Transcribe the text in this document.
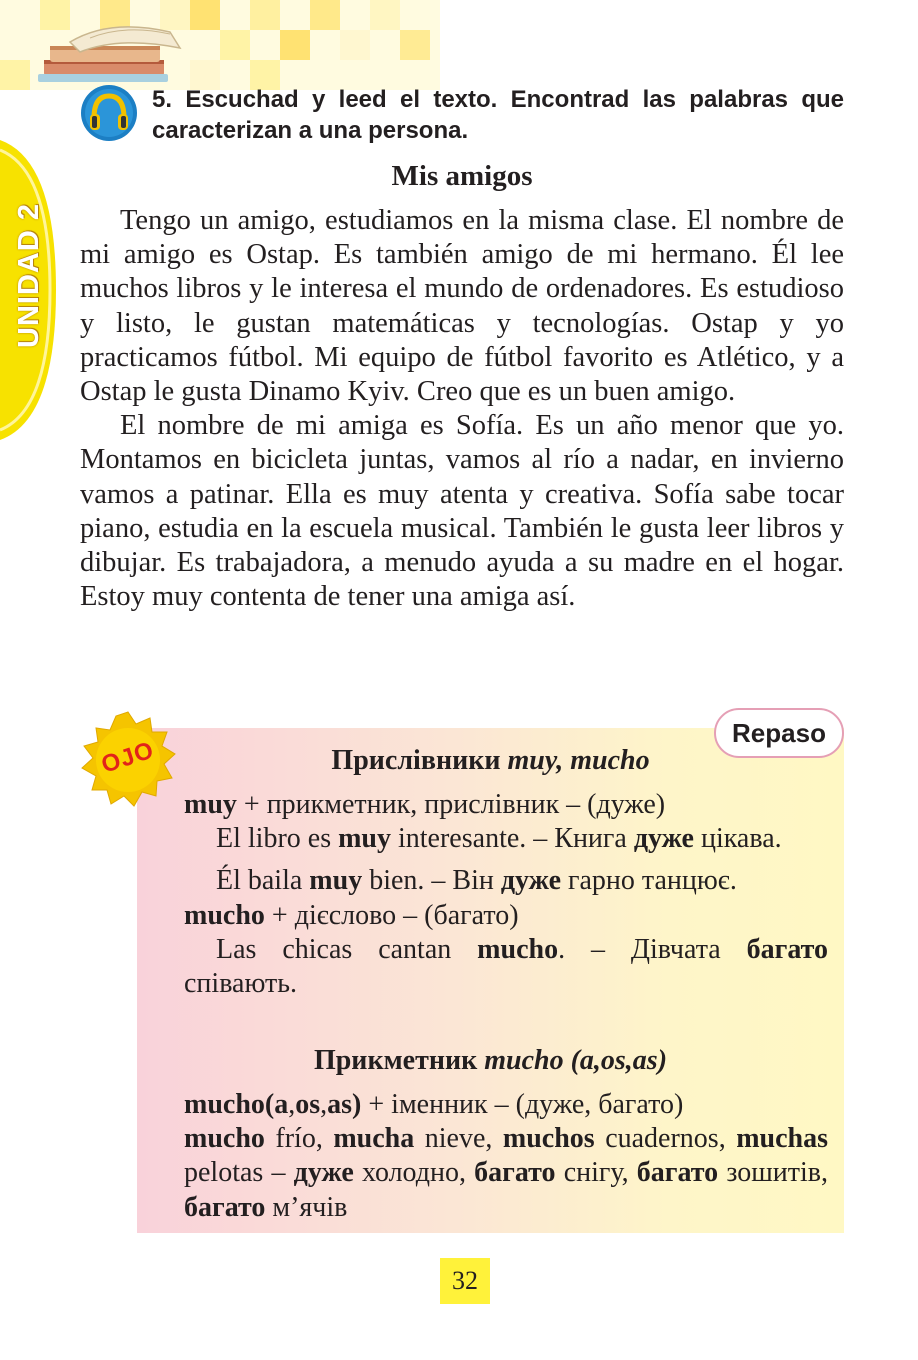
UNIDAD 2
5. Escuchad y leed el texto. Encontrad las palabras que caracterizan a una persona.
Mis amigos

Tengo un amigo, estudiamos en la misma clase. El nombre de mi amigo es Ostap. Es también amigo de mi hermano. Él lee muchos libros y le interesa el mundo de ordenadores. Es estudioso y listo, le gustan matemáticas y tecnologías. Ostap y yo practicamos fútbol. Mi equipo de fútbol favorito es Atlético, y a Ostap le gusta Dinamo Kyiv. Creo que es un buen amigo.

El nombre de mi amiga es Sofía. Es un año menor que yo. Montamos en bicicleta juntas, vamos al río a nadar, en invierno vamos a patinar. Ella es muy atenta y creativa. Sofía sabe tocar piano, estudia en la escuela musical. También le gusta leer libros y dibujar. Es trabajadora, a menudo ayuda a su madre en el hogar. Estoy muy contenta de tener una amiga así.

OJO
Repaso
Прислівники muy, mucho
muy + прикметник, прислівник – (дуже)
El libro es muy interesante. – Книга дуже цікава.
Él baila muy bien. – Він дуже гарно танцює.
mucho + дієслово – (багато)
Las chicas cantan mucho. – Дівчата багато співають.
Прикметник mucho (a,os,as)
mucho(a,os,as) + іменник – (дуже, багато)
mucho frío, mucha nieve, muchos cuadernos, muchas pelotas – дуже холодно, багато снігу, багато зошитів, багато м’ячів
32
